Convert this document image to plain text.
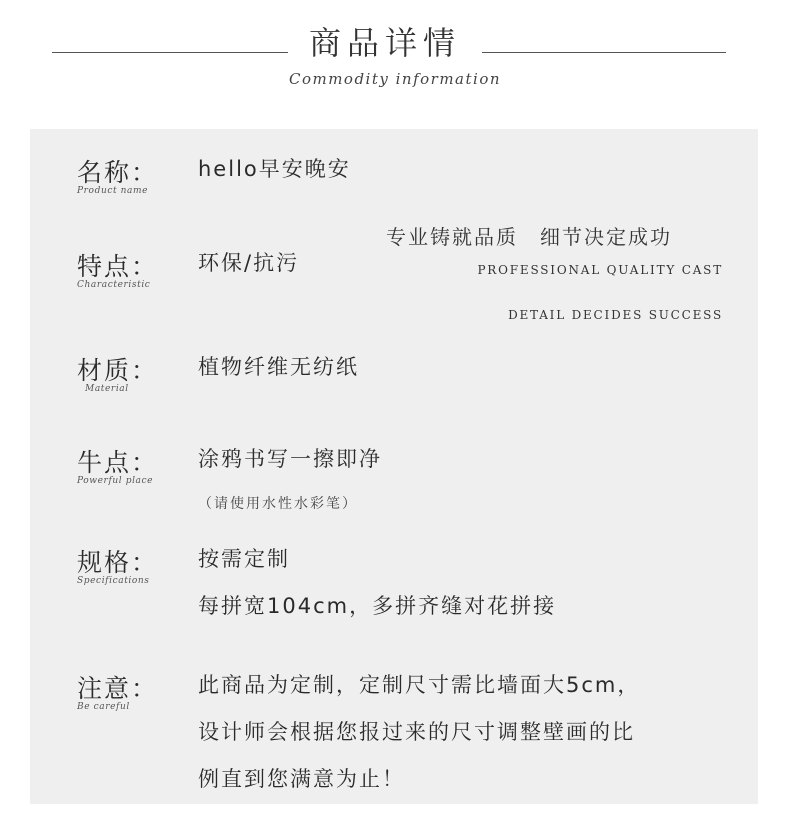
商品详情
Commodity information
名称：
Product name
hello早安晚安
专业铸就品质　细节决定成功
PROFESSIONAL QUALITY CAST
DETAIL DECIDES SUCCESS
特点：
Characteristic
环保/抗污
材质：
Material
植物纤维无纺纸
牛点：
Powerful place
涂鸦书写一擦即净
（请使用水性水彩笔）
规格：
Specifications
按需定制
每拼宽104cm，多拼齐缝对花拼接
注意：
Be careful
此商品为定制，定制尺寸需比墙面大5cm，
设计师会根据您报过来的尺寸调整壁画的比
例直到您满意为止！
